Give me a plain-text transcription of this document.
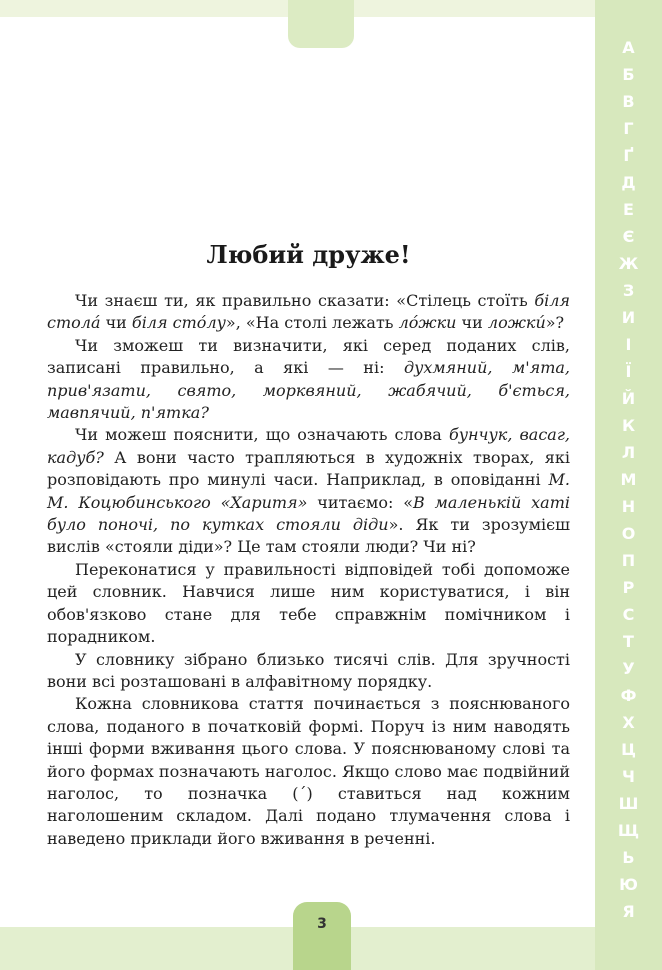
А
Б
В
Г
Ґ
Д
Е
Є
Ж
З
И
І
Ї
Й
К
Л
М
Н
О
П
Р
С
Т
У
Ф
Х
Ц
Ч
Ш
Щ
Ь
Ю
Я
Любий друже!

Чи знаєш ти, як правильно сказати: «Стілець стоїть біля стола́ чи біля сто́лу», «На столі лежать ло́жки чи ложки́»?

Чи зможеш ти визначити, які серед поданих слів, записані правильно, а які — ні: духмяний, м'ята, прив'язати, свято, морквяний, жабячий, б'ється, мавпячий, п'ятка?

Чи можеш пояснити, що означають слова бунчук, васаг, кадуб? А вони часто трапляються в художніх творах, які розповідають про минулі часи. Наприклад, в оповіданні М. М. Коцюбинського «Харитя» читаємо: «В маленькій хаті було поночі, по кутках стояли діди». Як ти зрозумієш вислів «стояли діди»? Це там стояли люди? Чи ні?

Переконатися у правильності відповідей тобі допоможе цей словник. Навчися лише ним користуватися, і він обов'язково стане для тебе справжнім помічником і порадником.

У словнику зібрано близько тисячі слів. Для зручності вони всі розташовані в алфавітному порядку.

Кожна словникова стаття починається з пояснюваного слова, поданого в початковій формі. Поруч із ним наводять інші форми вживання цього слова. У пояснюваному слові та його формах позначають наголос. Якщо слово має подвійний наголос, то позначка (´) ставиться над кожним наголошеним складом. Далі подано тлумачення слова і наведено приклади його вживання в реченні.

3
